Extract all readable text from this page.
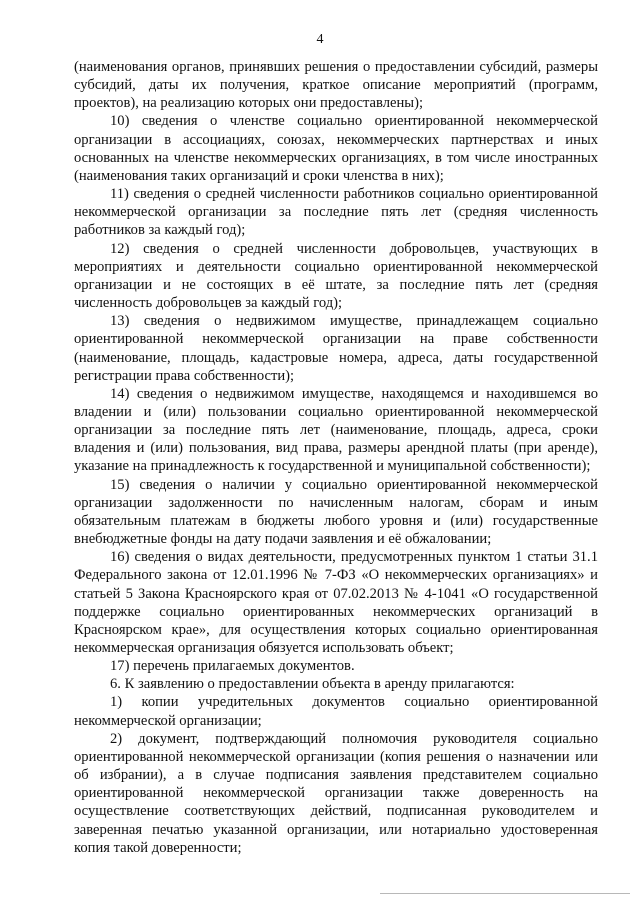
4

(наименования органов, принявших решения о предоставлении субсидий, размеры субсидий, даты их получения, краткое описание мероприятий (программ, проектов), на реализацию которых они предоставлены);

10) сведения о членстве социально ориентированной некоммерческой организации в ассоциациях, союзах, некоммерческих партнерствах и иных основанных на членстве некоммерческих организациях, в том числе иностранных (наименования таких организаций и сроки членства в них);

11) сведения о средней численности работников социально ориентированной некоммерческой организации за последние пять лет (средняя численность работников за каждый год);

12) сведения о средней численности добровольцев, участвующих в мероприятиях и деятельности социально ориентированной некоммерческой организации и не состоящих в её штате, за последние пять лет (средняя численность добровольцев за каждый год);

13) сведения о недвижимом имуществе, принадлежащем социально ориентированной некоммерческой организации на праве собственности (наименование, площадь, кадастровые номера, адреса, даты государственной регистрации права собственности);

14) сведения о недвижимом имуществе, находящемся и находившемся во владении и (или) пользовании социально ориентированной некоммерческой организации за последние пять лет (наименование, площадь, адреса, сроки владения и (или) пользования, вид права, размеры арендной платы (при аренде), указание на принадлежность к государственной и муниципальной собственности);

15) сведения о наличии у социально ориентированной некоммерческой организации задолженности по начисленным налогам, сборам и иным обязательным платежам в бюджеты любого уровня и (или) государственные внебюджетные фонды на дату подачи заявления и её обжаловании;

16) сведения о видах деятельности, предусмотренных пунктом 1 статьи 31.1 Федерального закона от 12.01.1996 № 7-ФЗ «О некоммерческих организациях» и статьей 5 Закона Красноярского края от 07.02.2013 № 4-1041 «О государственной поддержке социально ориентированных некоммерческих организаций в Красноярском крае», для осуществления которых социально ориентированная некоммерческая организация обязуется использовать объект;

17) перечень прилагаемых документов.

6. К заявлению о предоставлении объекта в аренду прилагаются:

1) копии учредительных документов социально ориентированной некоммерческой организации;

2) документ, подтверждающий полномочия руководителя социально ориентированной некоммерческой организации (копия решения о назначении или об избрании), а в случае подписания заявления представителем социально ориентированной некоммерческой организации также доверенность на осуществление соответствующих действий, подписанная руководителем и заверенная печатью указанной организации, или нотариально удостоверенная копия такой доверенности;
